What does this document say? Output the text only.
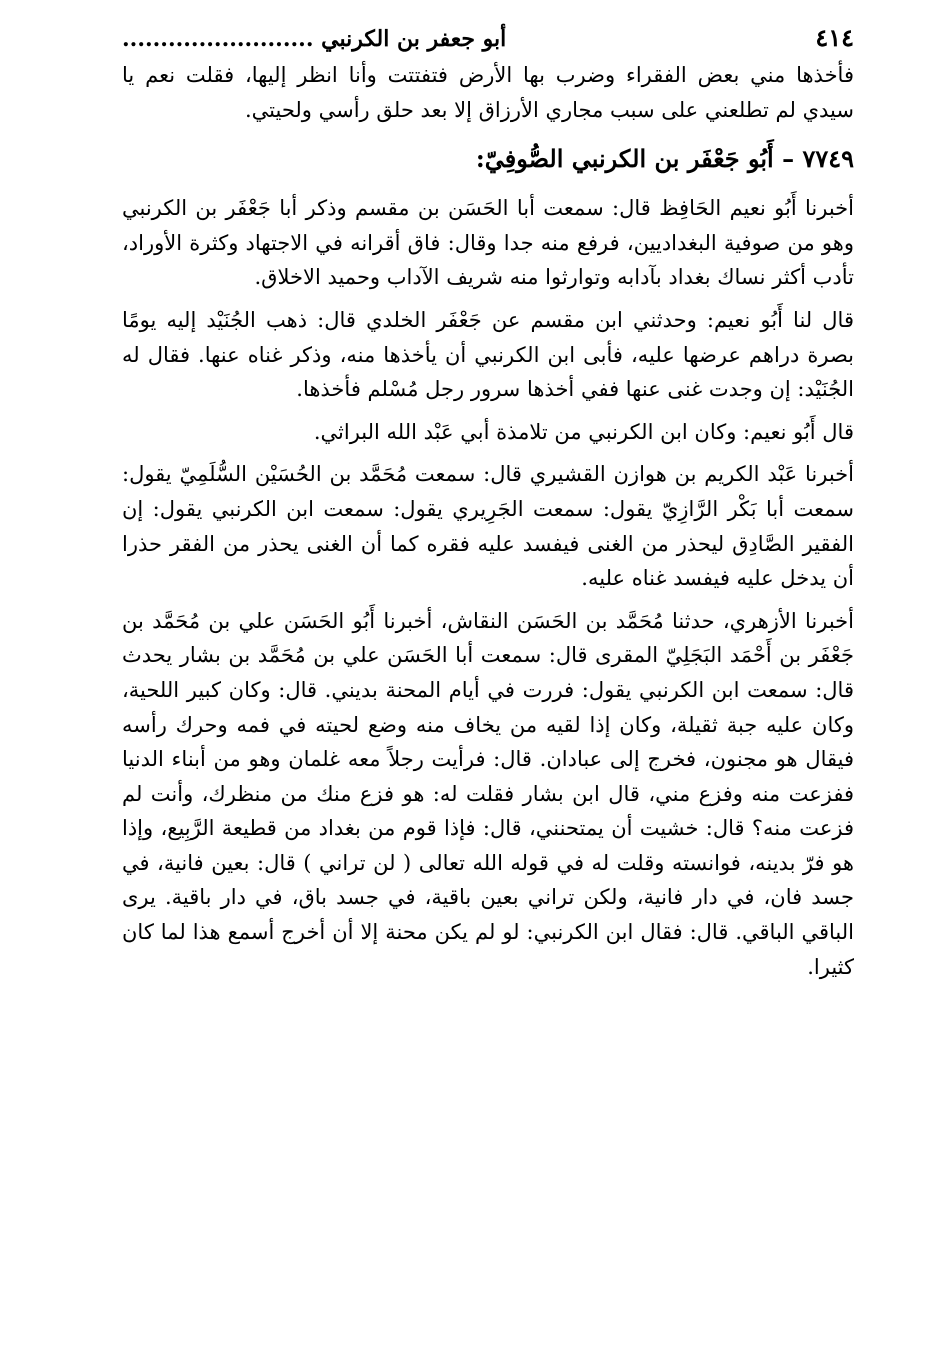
٤١٤
أبو جعفر بن الكرنبي .........................

فأخذها مني بعض الفقراء وضرب بها الأرض فتفتتت وأنا انظر إليها، فقلت نعم يا سيدي لم تطلعني على سبب مجاري الأرزاق إلا بعد حلق رأسي ولحيتي.

٧٧٤٩ – أَبُو جَعْفَر بن الكرنبي الصُّوفِيّ:

أخبرنا أَبُو نعيم الحَافِظ قال: سمعت أبا الحَسَن بن مقسم وذكر أبا جَعْفَر بن الكرنبي وهو من صوفية البغداديين، فرفع منه جدا وقال: فاق أقرانه في الاجتهاد وكثرة الأوراد، تأدب أكثر نساك بغداد بآدابه وتوارثوا منه شريف الآداب وحميد الاخلاق.

قال لنا أَبُو نعيم: وحدثني ابن مقسم عن جَعْفَر الخلدي قال: ذهب الجُنَيْد إليه يومًا بصرة دراهم عرضها عليه، فأبى ابن الكرنبي أن يأخذها منه، وذكر غناه عنها. فقال له الجُنَيْد: إن وجدت غنى عنها ففي أخذها سرور رجل مُسْلم فأخذها.

قال أَبُو نعيم: وكان ابن الكرنبي من تلامذة أبي عَبْد الله البراثي.

أخبرنا عَبْد الكريم بن هوازن القشيري قال: سمعت مُحَمَّد بن الحُسَيْن السُّلَمِيّ يقول: سمعت أبا بَكْر الرَّازِيّ يقول: سمعت الجَرِيري يقول: سمعت ابن الكرنبي يقول: إن الفقير الصَّادِق ليحذر من الغنى فيفسد عليه فقره كما أن الغنى يحذر من الفقر حذرا أن يدخل عليه فيفسد غناه عليه.

أخبرنا الأزهري، حدثنا مُحَمَّد بن الحَسَن النقاش، أخبرنا أَبُو الحَسَن علي بن مُحَمَّد بن جَعْفَر بن أَحْمَد البَجَلِيّ المقرى قال: سمعت أبا الحَسَن علي بن مُحَمَّد بن بشار يحدث قال: سمعت ابن الكرنبي يقول: فررت في أيام المحنة بديني. قال: وكان كبير اللحية، وكان عليه جبة ثقيلة، وكان إذا لقيه من يخاف منه وضع لحيته في فمه وحرك رأسه فيقال هو مجنون، فخرج إلى عبادان. قال: فرأيت رجلاً معه غلمان وهو من أبناء الدنيا ففزعت منه وفزع مني، قال ابن بشار فقلت له: هو فزع منك من منظرك، وأنت لم فزعت منه؟ قال: خشيت أن يمتحنني، قال: فإذا قوم من بغداد من قطيعة الرَّبِيع، وإذا هو فرّ بدينه، فوانسته وقلت له في قوله الله تعالى ( لن تراني ) قال: بعين فانية، في جسد فان، في دار فانية، ولكن تراني بعين باقية، في جسد باق، في دار باقية. يرى الباقي الباقي. قال: فقال ابن الكرنبي: لو لم يكن محنة إلا أن أخرج أسمع هذا لما كان كثيرا.
